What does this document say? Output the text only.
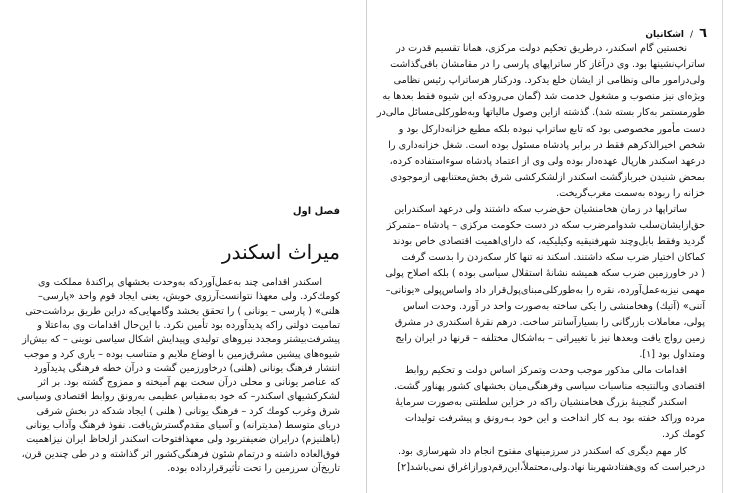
فصل اول
میراث اسکندر
اسکندر اقدامی چند به‌عمل‌آوردکه به‌وحدت بخشهای پراکندهٔ مملکت وی
کومك‌کرد. ولی معهذا نتوانست‌آرزوی خویش، یعنی ایجاد قوم واحد «پارسی–
هلنی» ( پارسی – یونانی ) را تحقق بخشد وگامهایی‌که دراین طریق برداشت‌حتی
تمامیت دولتی راکه پدیدآورده بود تأمین نکرد. با این‌حال اقدامات وی به‌اعتلا و
پیشرفت‌بیشتر ومجدد نیروهای تولیدی وپیدایش اشکال سیاسی نوینی – که بیش‌از
شیوه‌های پیشین مشرق‌زمین با اوضاع ملایم و متناسب بوده – یاری کرد و موجب
انتشار فرهنگ یونانی (هلنی) درخاورزمین گشت و درآن خطه فرهنگی پدیدآورد
که عناصر یونانی و محلی درآن سخت بهم آمیخته و ممزوج گشته بود. بر اثر
لشکرکشیهای اسکندر– که خود به‌مقیاس عظیمی به‌رونق روابط اقتصادی وسیاسی
شرق وغرب کومك کرد – فرهنگ یونانی ( هلنی ) ایجاد شدکه در بخش شرقی
دریای متوسط (مدیترانه) و آسیای مقدم‌گسترش‌یافت. نفوذ فرهنگ وآداب یونانی
(یاهلنیزم) درایران ضعیفتربود ولی معهذافتوحات اسکندر ازلحاظ ایران نیزاهمیت
فوق‌العاده داشته و درتمام شئون فرهنگی‌کشور اثر گذاشته و در طی چندین قرن،
تاریخ‌آن سرزمین را تحت تأثیرقرارداده بوده.
٦/اشکانیان
نخستین گام اسکندر، درطریق تحکیم دولت مرکزی، همانا تقسیم قدرت در
ساتراپ‌نشینها بود. وی درآغاز کار ساتراپهای پارسی را در مقامشان باقی‌گذاشت
ولی‌درامور مالی ونظامی از ایشان خلع یدکرد. ودرکنار هرساتراپ رئیس نظامی
ویژه‌ای نیز منصوب و مشغول خدمت شد (گمان می‌رودکه این شیوه فقط بعدها به
طورمستمر به‌کار بسته شد). گذشته ازاین وصول مالیاتها وبه‌طورکلی‌مسائل مالی‌در
دست مأمور مخصوصی بود که تابع ساتراپ نبوده بلکه مطیع خزانه‌دارکل بود و
شخص اخیرالذکرهم فقط در برابر پادشاه مسئول بوده است. شغل خزانه‌داری را
درعهد اسکندر هارپال عهده‌دار بوده ولی وی از اعتماد پادشاه سوءاستفاده کرده،
بمحض شنیدن خبربازگشت اسکندر ازلشکرکشی شرق بخش‌معتنابهی ازموجودی
خزانه را ربوده به‌سمت مغرب‌گریخت.
ساتراپها در زمان هخامنشیان حق‌ضرب سکه داشتند ولی درعهد اسکندراین
حق‌ازایشان‌سلب شدوامرضرب سکه در دست حکومت مرکزی – پادشاه –متمرکز
گردید وفقط بابل‌وچند شهرفنیقیه وکیلیکیه، که دارای‌اهمیت اقتصادی خاص بودند
کماکان اختیار ضرب سکه داشتند. اسکند نه تنها کار سکه‌زدن را بدست گرفت
( در خاورزمین ضرب سکه همیشه نشانهٔ استقلال سیاسی بوده ) بلکه اصلاح پولی
مهمی نیزبه‌عمل‌آورده، نقره را به‌طورکلی‌مبنای‌پول‌قرار داد واساس‌پولی «یونانی–
آتنی» (آتیك) وهخامنشی را یکی ساخته به‌صورت واحد در آورد. وحدت اساس
پولی، معاملات بازرگانی را بسیارآسانتر ساخت. درهم نقرهٔ اسکندری در مشرق
زمین رواج یافت وبعدها نیز با تغییراتی – به‌اشکال مختلفه – قرنها در ایران رایج
ومتداول بود [۱].
اقدامات مالی مذکور موجب وحدت وتمرکز اساس دولت و تحکیم روابط
اقتصادی وبالنتیجه مناسبات سیاسی وفرهنگی‌میان بخشهای کشور پهناور گشت.
اسکندر گنجینهٔ بزرگ هخامنشیان راکه در خزاین سلطنتی به‌صورت سرمایهٔ
مرده وراکد خفته بود بـه کار انداخت و این خود بـه‌رونق و پیشرفت تولیدات
کومك کرد.
کار مهم دیگری که اسکندر در سرزمینهای مفتوح انجام داد شهرسازی بود.
درخبراست که وی‌هفتادشهربنا نهاد.ولی،محتملاً،این‌رقم‌دوراز‌اغراق نمی‌باشد[۲]
